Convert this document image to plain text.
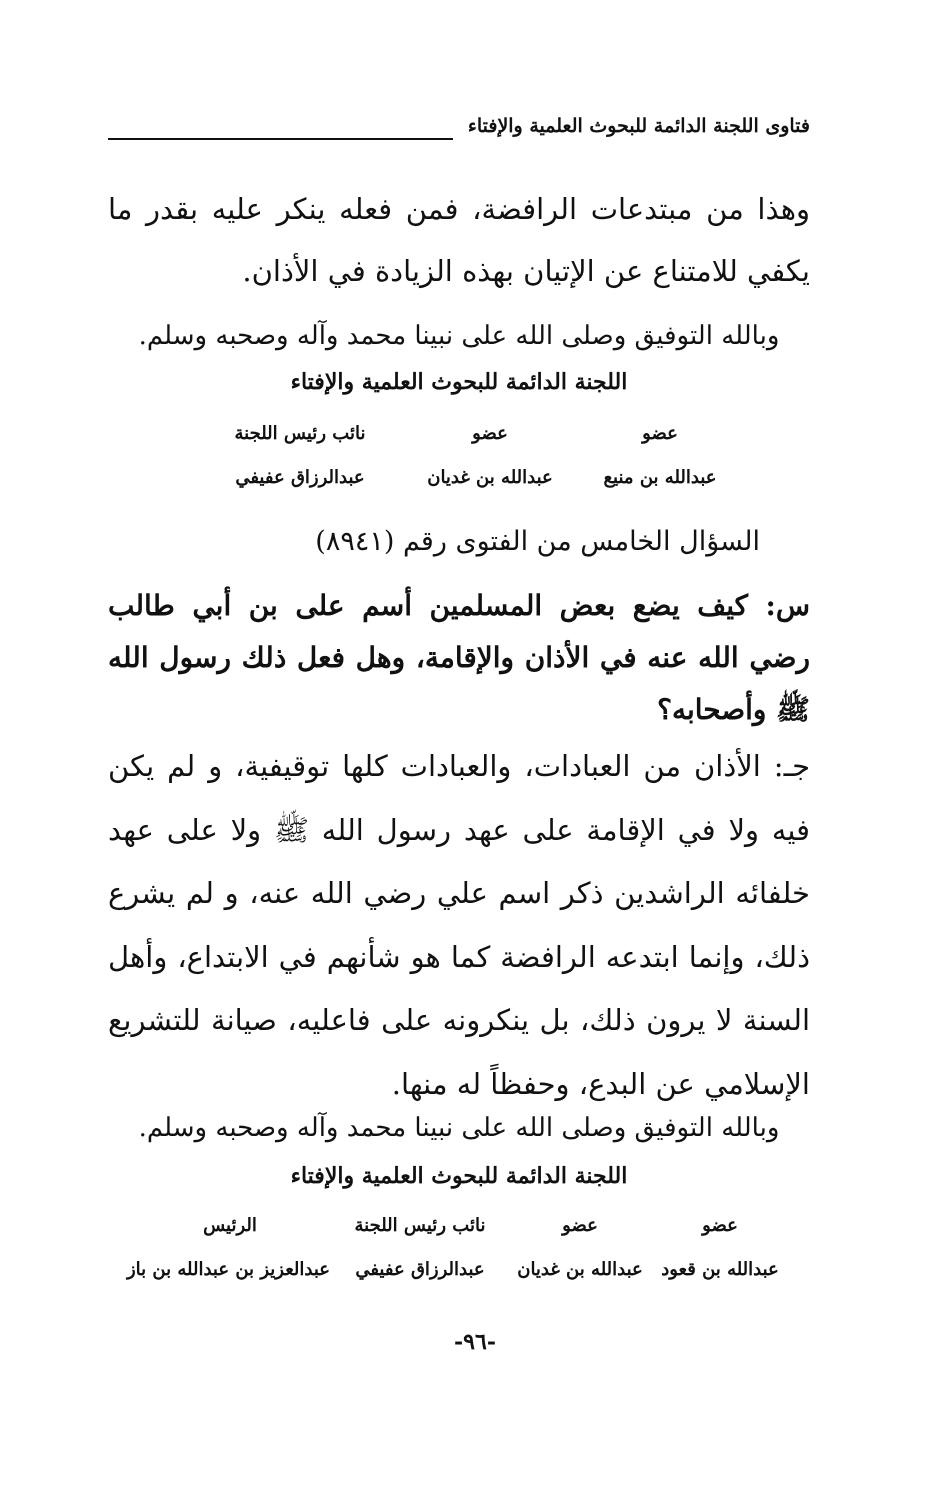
فتاوى اللجنة الدائمة للبحوث العلمية والإفتاء

وهذا من مبتدعات الرافضة، فمن فعله ينكر عليه بقدر ما يكفي للامتناع عن الإتيان بهذه الزيادة في الأذان.

وبالله التوفيق وصلى الله على نبينا محمد وآله وصحبه وسلم.
اللجنة الدائمة للبحوث العلمية والإفتاء
عضو
عضو
نائب رئيس اللجنة
عبدالله بن منيع
عبدالله بن غديان
عبدالرزاق عفيفي
السؤال الخامس من الفتوى رقم (٨٩٤١)
س: كيف يضع بعض المسلمين أسم على بن أبي طالب رضي الله عنه في الأذان والإقامة، وهل فعل ذلك رسول الله ﷺ وأصحابه؟
جـ: الأذان من العبادات، والعبادات كلها توقيفية، و لم يكن فيه ولا في الإقامة على عهد رسول الله ﷺ ولا على عهد خلفائه الراشدين ذكر اسم علي رضي الله عنه، و لم يشرع ذلك، وإنما ابتدعه الرافضة كما هو شأنهم في الابتداع، وأهل السنة لا يرون ذلك، بل ينكرونه على فاعليه، صيانة للتشريع الإسلامي عن البدع، وحفظاً له منها.
وبالله التوفيق وصلى الله على نبينا محمد وآله وصحبه وسلم.
اللجنة الدائمة للبحوث العلمية والإفتاء
عضو
عضو
نائب رئيس اللجنة
الرئيس
عبدالله بن قعود
عبدالله بن غديان
عبدالرزاق عفيفي
عبدالعزيز بن عبدالله بن باز
-٩٦-
